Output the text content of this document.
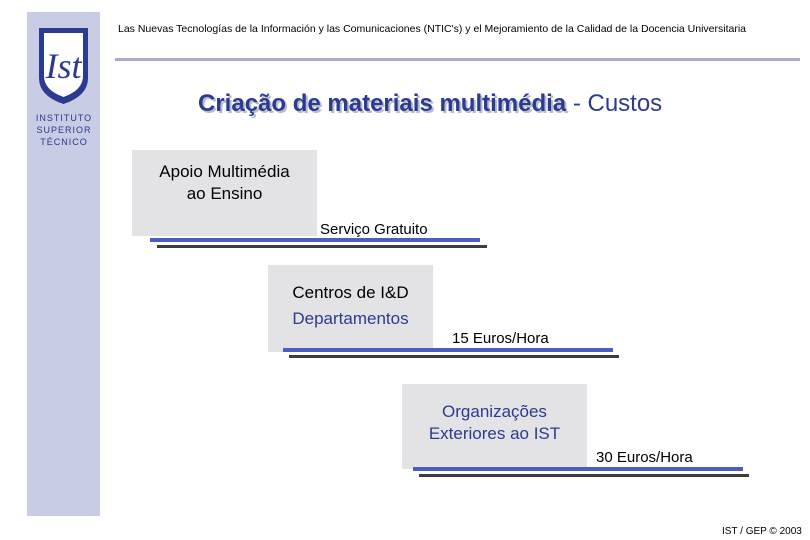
Ist
INSTITUTO
SUPERIOR
TÉCNICO
Las Nuevas Tecnologías de la Información y las Comunicaciones (NTIC's) y el Mejoramiento de la Calidad de la Docencia Universitaria
Criação de materiais multimédia - Custos
Apoio Multimédia
ao Ensino
Serviço Gratuito
Centros de I&D
Departamentos
15 Euros/Hora
Organizações
Exteriores ao IST
30 Euros/Hora
IST / GEP © 2003
